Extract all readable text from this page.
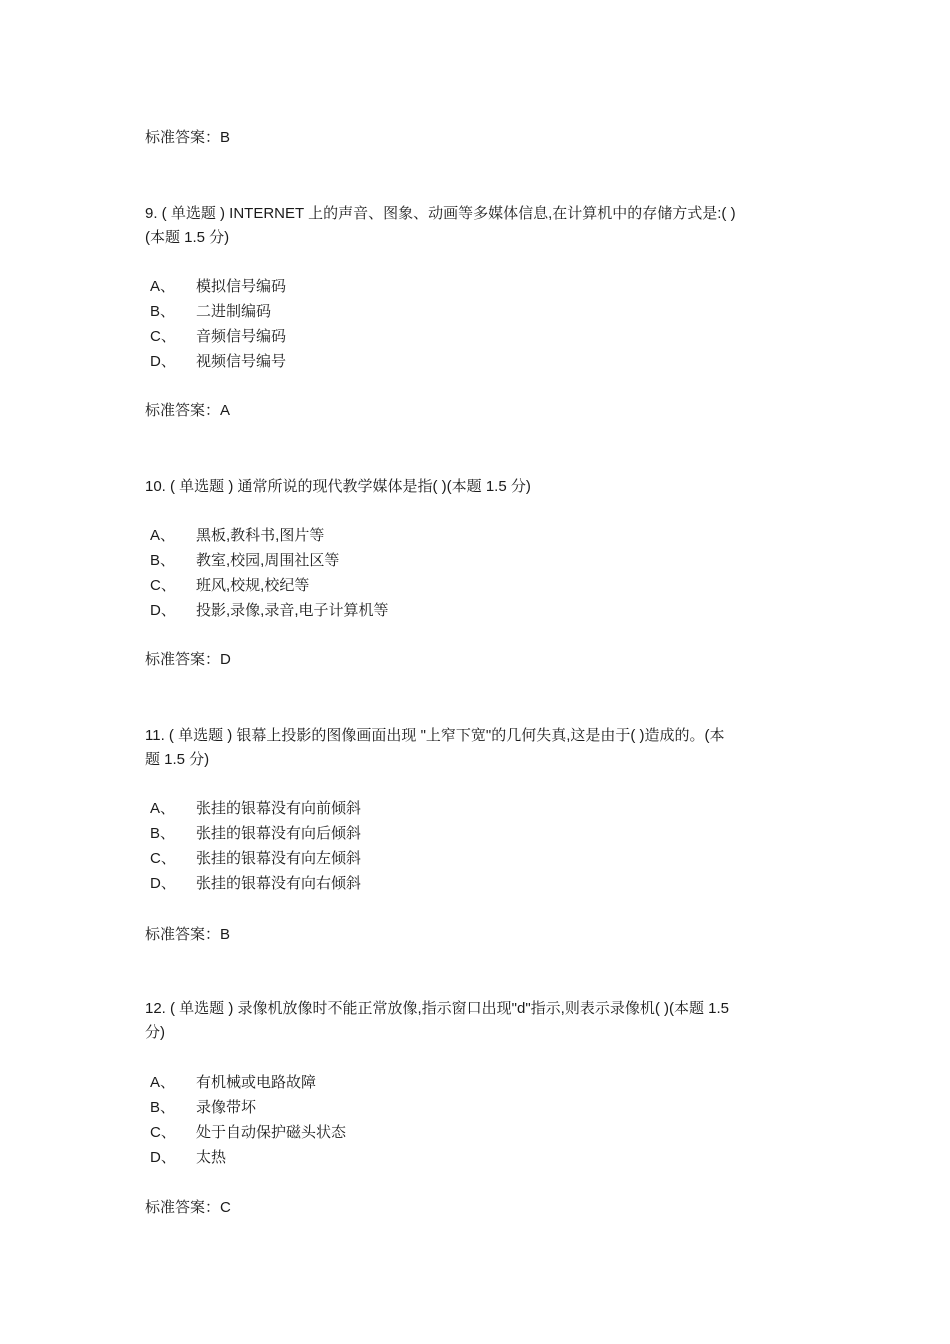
标准答案：B
9. ( 单选题 ) INTERNET 上的声音、图象、动画等多媒体信息,在计算机中的存储方式是:( )
(本题 1.5 分)
A、 模拟信号编码
B、 二进制编码
C、 音频信号编码
D、 视频信号编号
标准答案：A
10. ( 单选题 ) 通常所说的现代教学媒体是指( )(本题 1.5 分)
A、 黑板,教科书,图片等
B、 教室,校园,周围社区等
C、 班风,校规,校纪等
D、 投影,录像,录音,电子计算机等
标准答案：D
11. ( 单选题 ) 银幕上投影的图像画面出现 "上窄下宽"的几何失真,这是由于( )造成的。(本
题 1.5 分)
A、 张挂的银幕没有向前倾斜
B、 张挂的银幕没有向后倾斜
C、 张挂的银幕没有向左倾斜
D、 张挂的银幕没有向右倾斜
标准答案：B
12. ( 单选题 ) 录像机放像时不能正常放像,指示窗口出现"d"指示,则表示录像机( )(本题 1.5
分)
A、 有机械或电路故障
B、 录像带坏
C、 处于自动保护磁头状态
D、 太热
标准答案：C
